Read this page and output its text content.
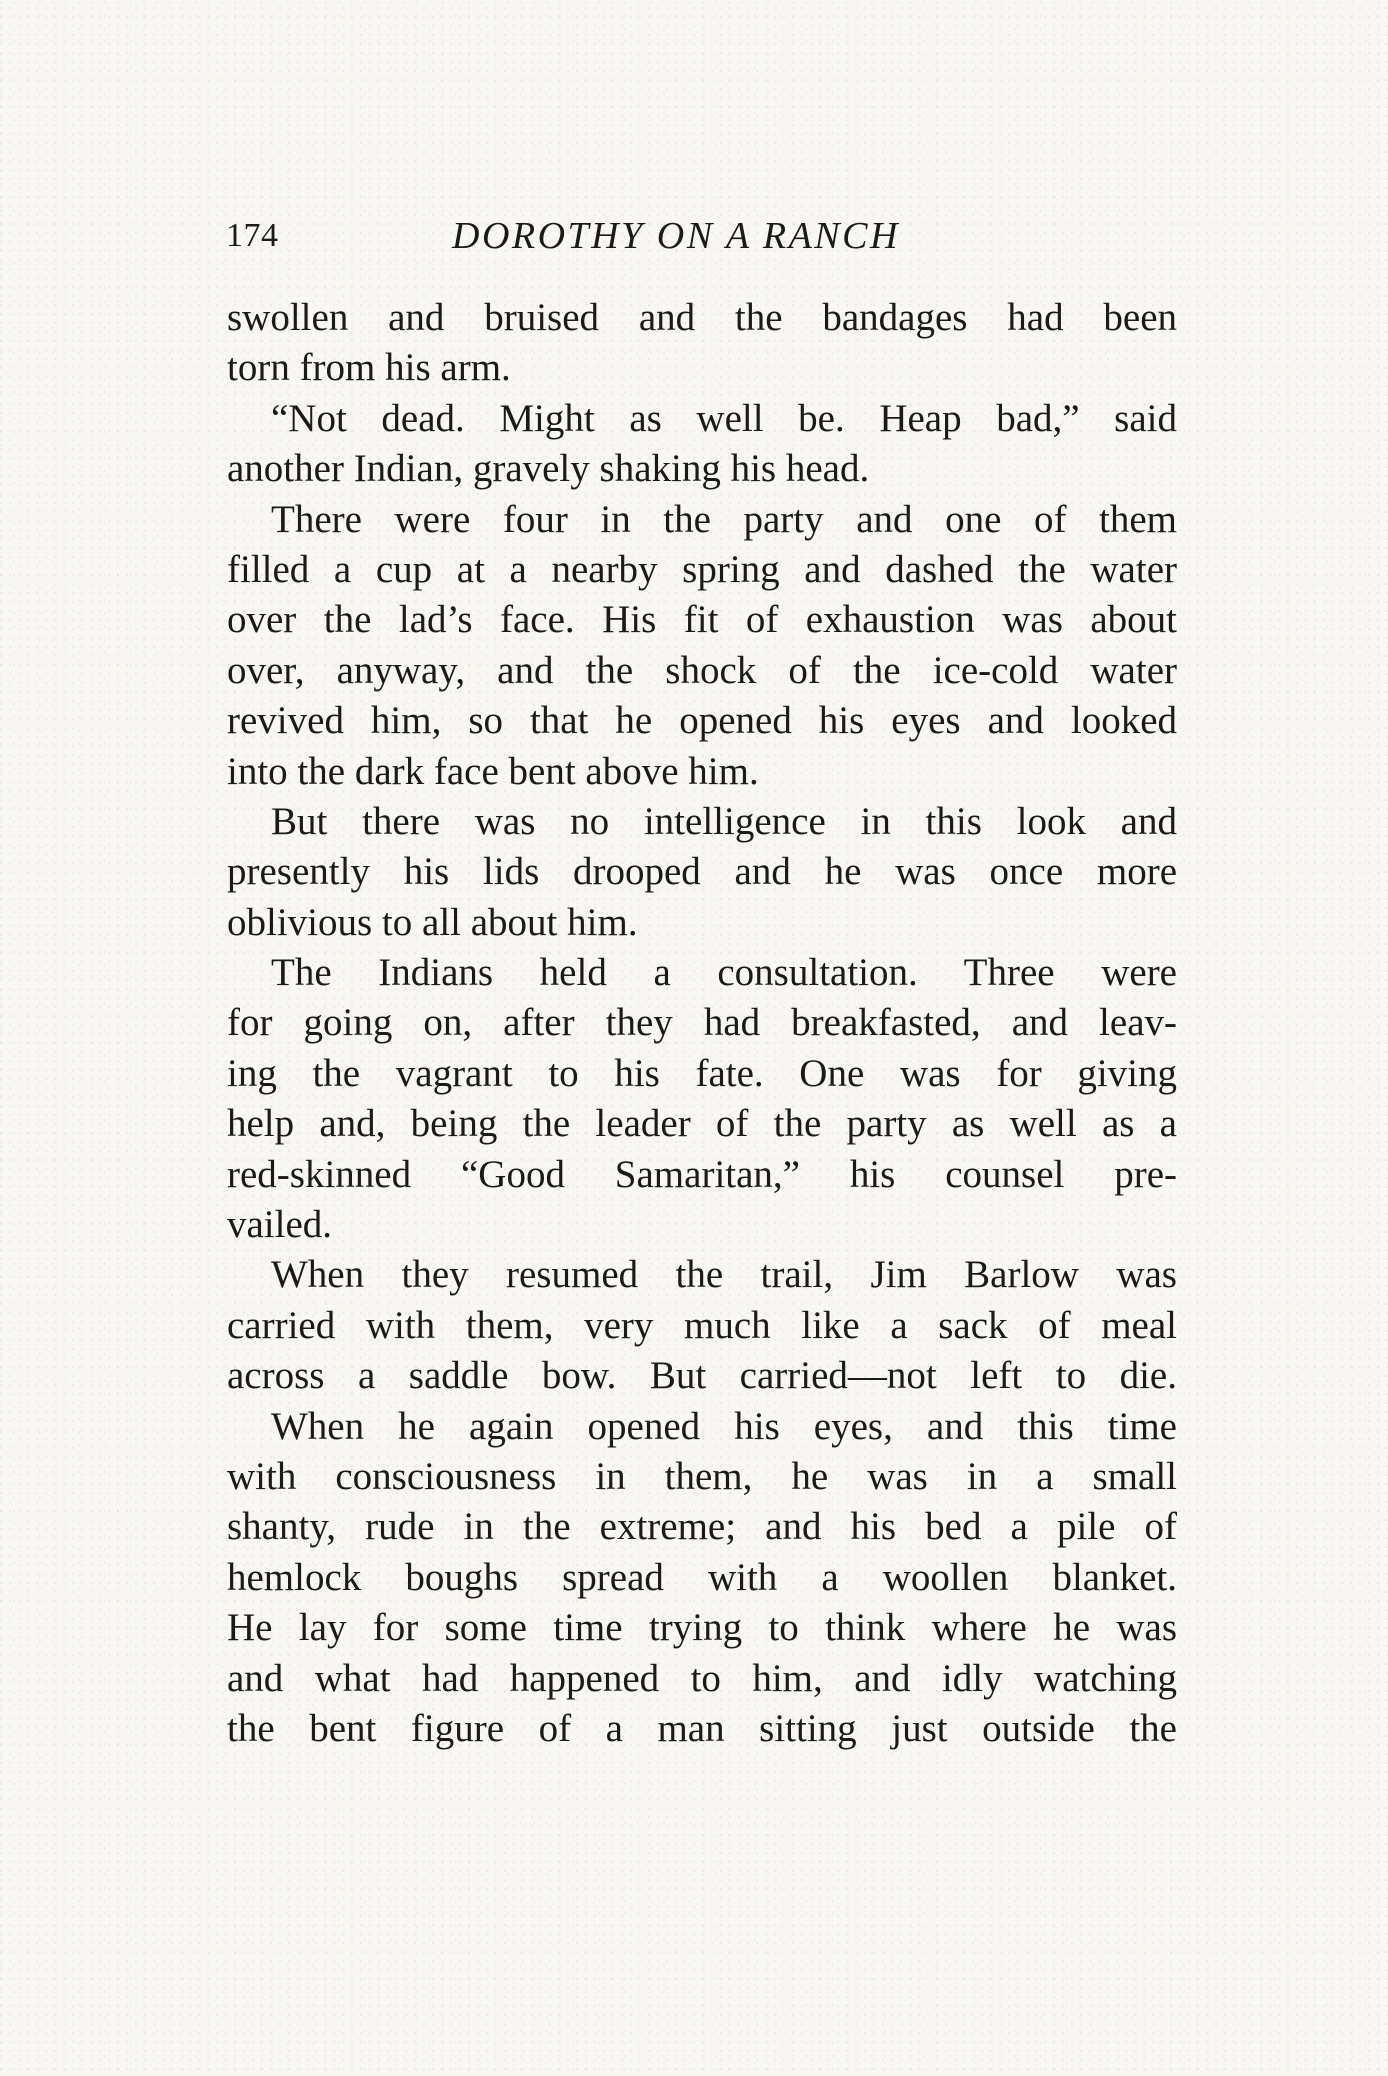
174	DOROTHY ON A RANCH
swollen and bruised and the bandages had been
torn from his arm.
“Not dead. Might as well be. Heap bad,” said
another Indian, gravely shaking his head.
There were four in the party and one of them
filled a cup at a nearby spring and dashed the water
over the lad’s face. His fit of exhaustion was about
over, anyway, and the shock of the ice-cold water
revived him, so that he opened his eyes and looked
into the dark face bent above him.
But there was no intelligence in this look and
presently his lids drooped and he was once more
oblivious to all about him.
The Indians held a consultation. Three were
for going on, after they had breakfasted, and leav-
ing the vagrant to his fate. One was for giving
help and, being the leader of the party as well as a
red-skinned “Good Samaritan,” his counsel pre-
vailed.
When they resumed the trail, Jim Barlow was
carried with them, very much like a sack of meal
across a saddle bow. But carried—not left to die.
When he again opened his eyes, and this time
with consciousness in them, he was in a small
shanty, rude in the extreme; and his bed a pile of
hemlock boughs spread with a woollen blanket.
He lay for some time trying to think where he was
and what had happened to him, and idly watching
the bent figure of a man sitting just outside the
